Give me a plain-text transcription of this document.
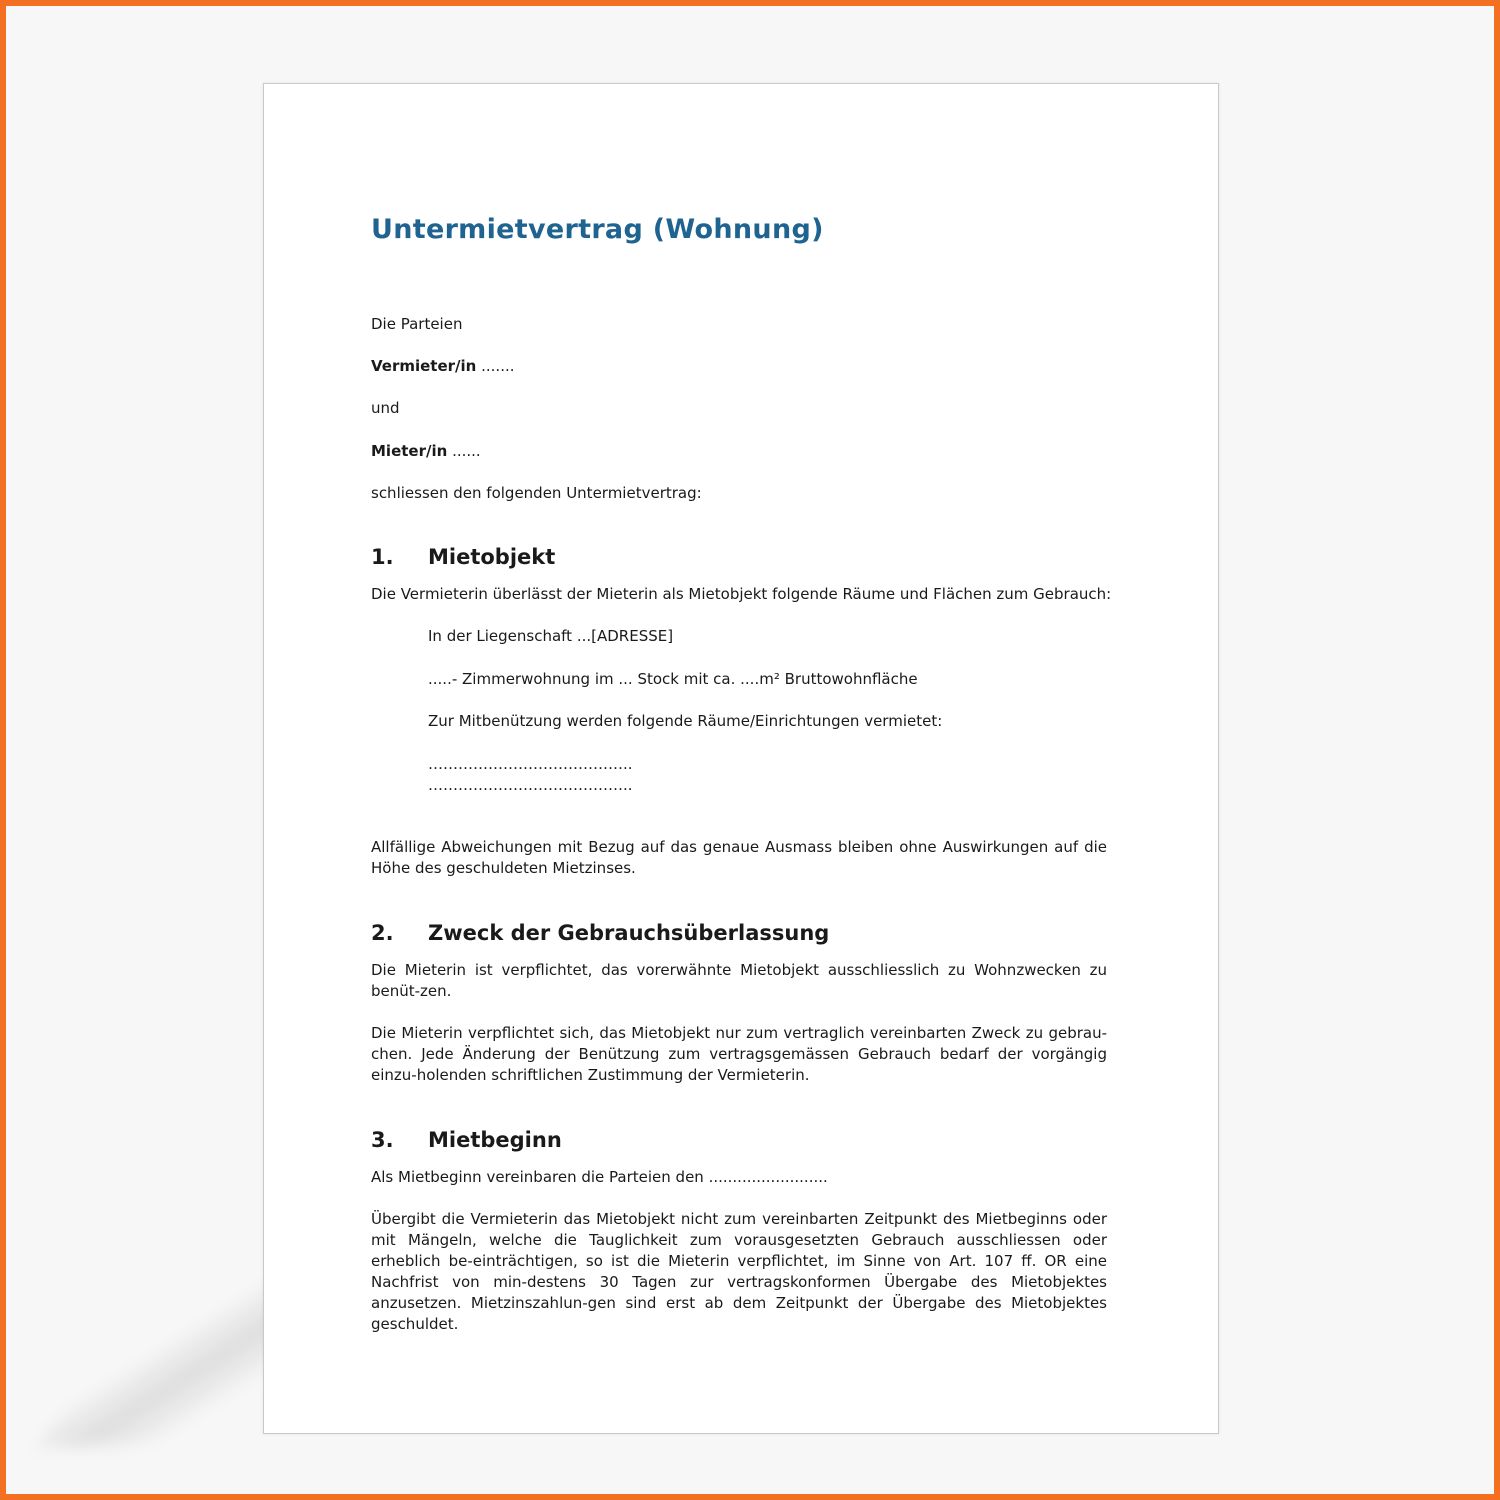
Untermietvertrag (Wohnung)

Die Parteien

Vermieter/in .......

und

Mieter/in ......

schliessen den folgenden Untermietvertrag:

1. Mietobjekt

Die Vermieterin überlässt der Mieterin als Mietobjekt folgende Räume und Flächen zum Gebrauch:

In der Liegenschaft ...[ADRESSE]

.....- Zimmerwohnung im ... Stock mit ca. ....m² Bruttowohnfläche

Zur Mitbenützung werden folgende Räume/Einrichtungen vermietet:

…………………………………..

…………………………………..

Allfällige Abweichungen mit Bezug auf das genaue Ausmass bleiben ohne Auswirkungen auf die Höhe des geschuldeten Mietzinses.

2. Zweck der Gebrauchsüberlassung

Die Mieterin ist verpflichtet, das vorerwähnte Mietobjekt ausschliesslich zu Wohnzwecken zu benüt-zen.

Die Mieterin verpflichtet sich, das Mietobjekt nur zum vertraglich vereinbarten Zweck zu gebrau-chen. Jede Änderung der Benützung zum vertragsgemässen Gebrauch bedarf der vorgängig einzu-holenden schriftlichen Zustimmung der Vermieterin.

3. Mietbeginn

Als Mietbeginn vereinbaren die Parteien den .........................

Übergibt die Vermieterin das Mietobjekt nicht zum vereinbarten Zeitpunkt des Mietbeginns oder mit Mängeln, welche die Tauglichkeit zum vorausgesetzten Gebrauch ausschliessen oder erheblich be-einträchtigen, so ist die Mieterin verpflichtet, im Sinne von Art. 107 ff. OR eine Nachfrist von min-destens 30 Tagen zur vertragskonformen Übergabe des Mietobjektes anzusetzen. Mietzinszahlun-gen sind erst ab dem Zeitpunkt der Übergabe des Mietobjektes geschuldet.
